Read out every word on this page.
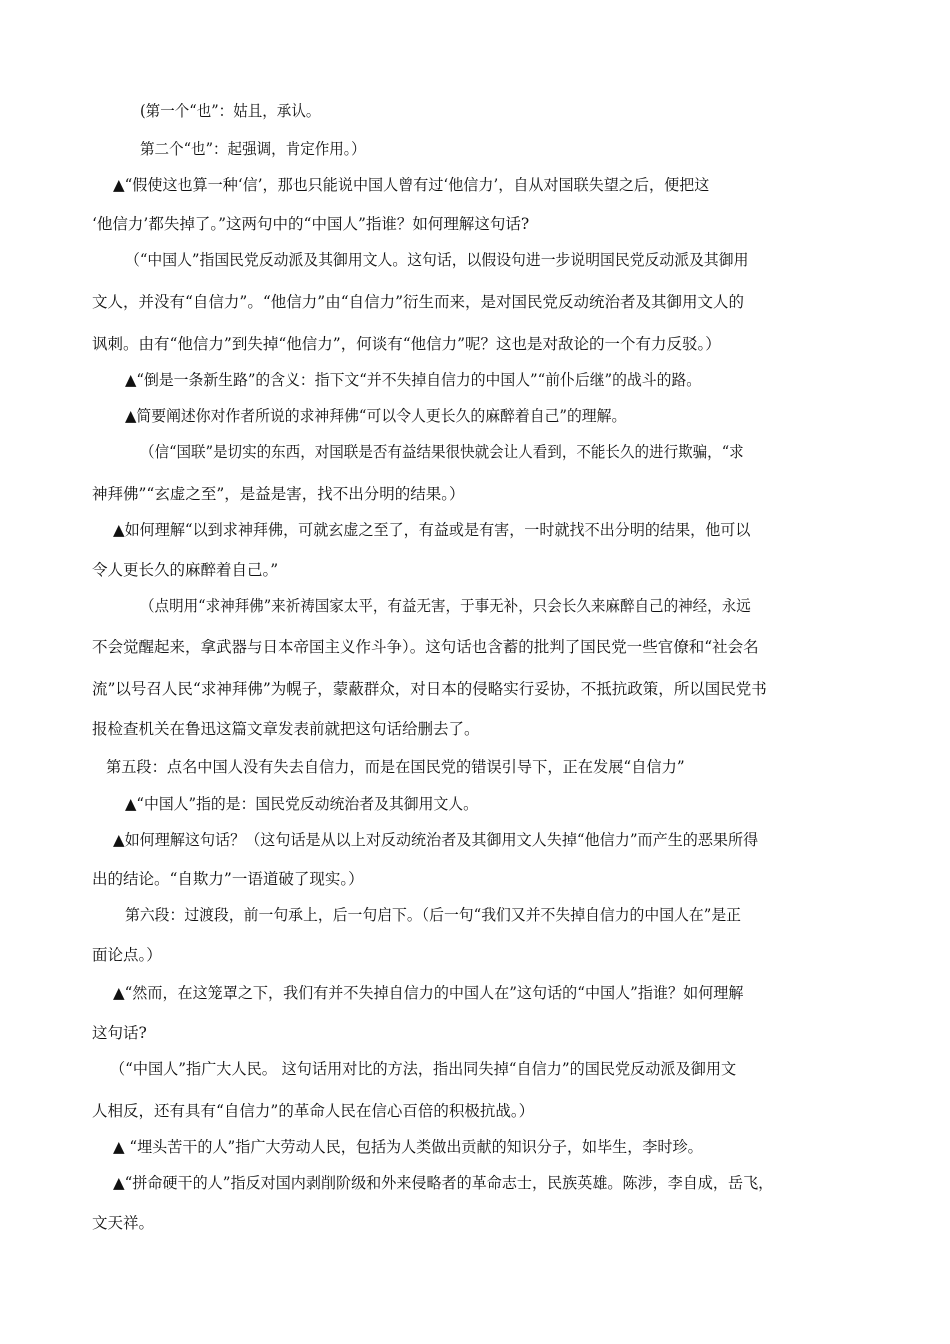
(第一个“也”：姑且，承认。
第二个“也”：起强调，肯定作用。）
▲“假使这也算一种‘信’，那也只能说中国人曾有过‘他信力’，自从对国联失望之后，便把这
‘他信力’都失掉了。”这两句中的“中国人”指谁？如何理解这句话?
（“中国人”指国民党反动派及其御用文人。这句话，以假设句进一步说明国民党反动派及其御用
文人，并没有“自信力”。“他信力”由“自信力”衍生而来，是对国民党反动统治者及其御用文人的
讽刺。由有“他信力”到失掉“他信力”，何谈有“他信力”呢？这也是对敌论的一个有力反驳。）
▲“倒是一条新生路”的含义：指下文“并不失掉自信力的中国人”“前仆后继”的战斗的路。
▲简要阐述你对作者所说的求神拜佛“可以令人更长久的麻醉着自己”的理解。
（信“国联”是切实的东西，对国联是否有益结果很快就会让人看到，不能长久的进行欺骗，“求
神拜佛”“玄虚之至”，是益是害，找不出分明的结果。）
▲如何理解“以到求神拜佛，可就玄虚之至了，有益或是有害，一时就找不出分明的结果，他可以
令人更长久的麻醉着自己。”
（点明用“求神拜佛”来祈祷国家太平，有益无害，于事无补，只会长久来麻醉自己的神经，永远
不会觉醒起来，拿武器与日本帝国主义作斗争）。这句话也含蓄的批判了国民党一些官僚和“社会名
流”以号召人民“求神拜佛”为幌子，蒙蔽群众，对日本的侵略实行妥协，不抵抗政策，所以国民党书
报检查机关在鲁迅这篇文章发表前就把这句话给删去了。
第五段：点名中国人没有失去自信力，而是在国民党的错误引导下，正在发展“自信力”
▲“中国人”指的是：国民党反动统治者及其御用文人。
▲如何理解这句话？（这句话是从以上对反动统治者及其御用文人失掉“他信力”而产生的恶果所得
出的结论。“自欺力”一语道破了现实。）
第六段：过渡段，前一句承上，后一句启下。（后一句“我们又并不失掉自信力的中国人在”是正
面论点。）
▲“然而，在这笼罩之下，我们有并不失掉自信力的中国人在”这句话的“中国人”指谁？如何理解
这句话?
（“中国人”指广大人民。 这句话用对比的方法，指出同失掉“自信力”的国民党反动派及御用文
人相反，还有具有“自信力”的革命人民在信心百倍的积极抗战。）
▲ “埋头苦干的人”指广大劳动人民，包括为人类做出贡献的知识分子，如毕生，李时珍。
▲“拼命硬干的人”指反对国内剥削阶级和外来侵略者的革命志士，民族英雄。陈涉，李自成，岳飞，
文天祥。
